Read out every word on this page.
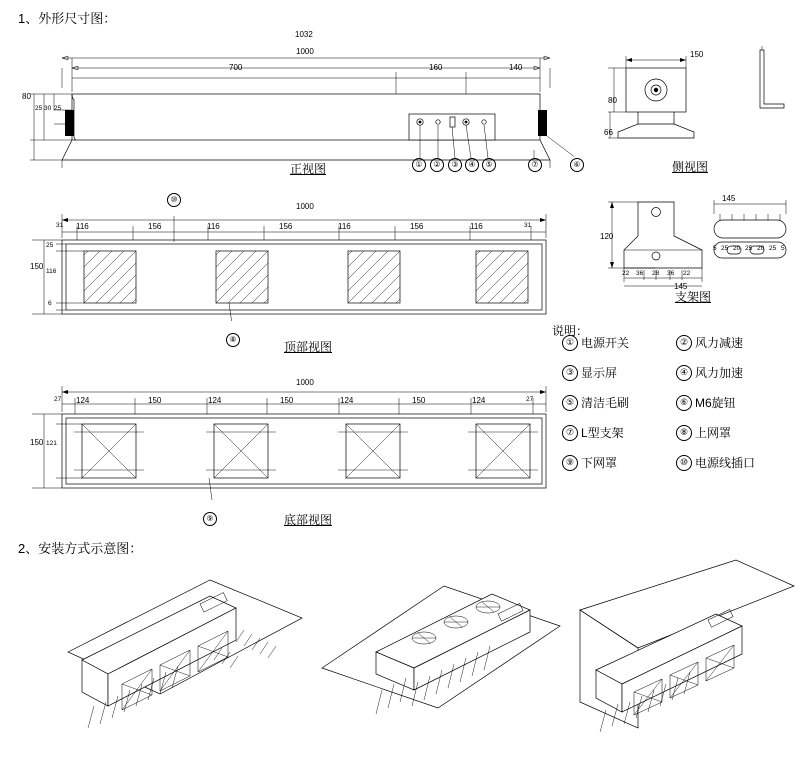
1、外形尺寸图：
1032
1000
700	160	140
80
25 30 25
①	②	③	④	⑤	⑦	⑥
正视图
150
80
66
侧视图
120
145
145
5 25 20 25 20 25 5
22 36 28 36 22
支架图
1000
31 116	156	116	156	116	156	116	31
25
116
6
150
⑩
⑧
顶部视图
1000
27 124	150	124	150	124	150	124	27
150 121
⑨	底部视图
说明：
① 电源开关	② 风力减速
③ 显示屏	④ 风力加速
⑤ 清洁毛刷	⑥ M6旋钮
⑦ L型支架	⑧ 上网罩
⑨ 下网罩	⑩ 电源线插口
2、安装方式示意图：
